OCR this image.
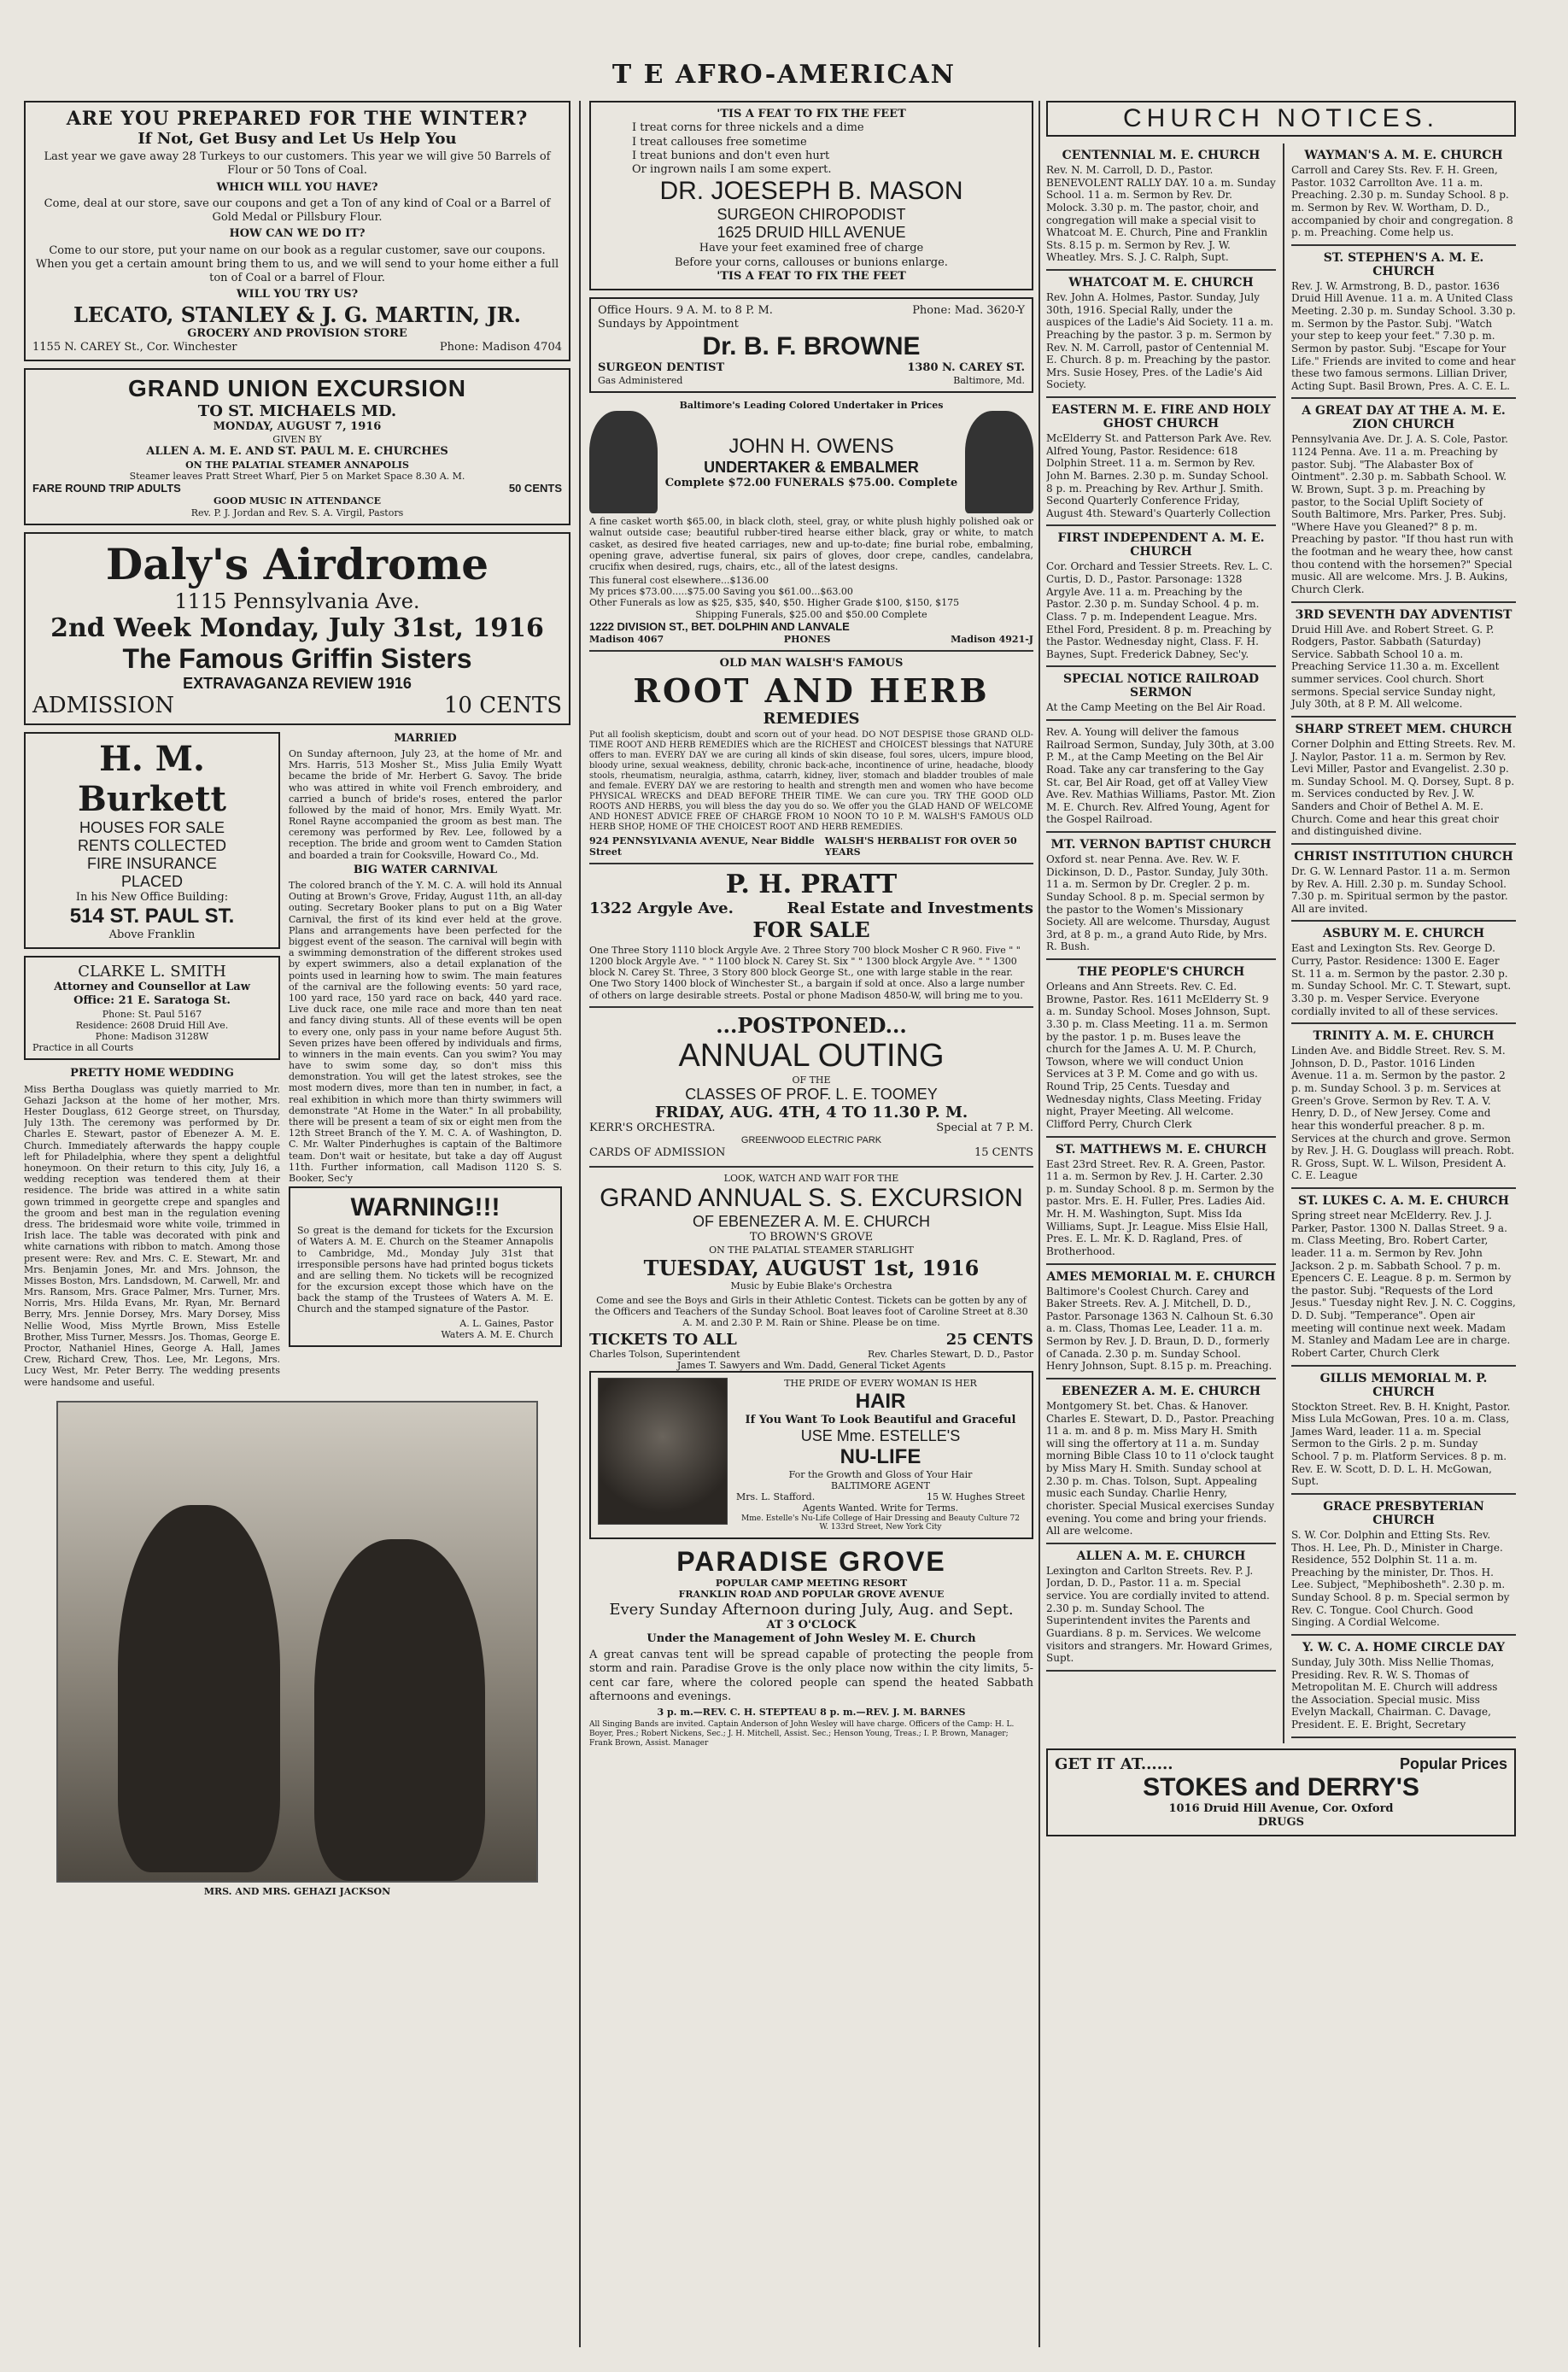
T E AFRO-AMERICAN
ARE YOU PREPARED FOR THE WINTER?
If Not, Get Busy and Let Us Help You

Last year we gave away 28 Turkeys to our customers. This year we will give 50 Barrels of Flour or 50 Tons of Coal.

WHICH WILL YOU HAVE?

Come, deal at our store, save our coupons and get a Ton of any kind of Coal or a Barrel of Gold Medal or Pillsbury Flour.

HOW CAN WE DO IT?

Come to our store, put your name on our book as a regular customer, save our coupons. When you get a certain amount bring them to us, and we will send to your home either a full ton of Coal or a barrel of Flour.

WILL YOU TRY US?
LECATO, STANLEY & J. G. MARTIN, JR.
GROCERY AND PROVISION STORE
1155 N. CAREY St., Cor. Winchester	Phone: Madison 4704
GRAND UNION EXCURSION
TO ST. MICHAELS MD.
MONDAY, AUGUST 7, 1916
GIVEN BY
ALLEN A. M. E. AND ST. PAUL M. E. CHURCHES
ON THE PALATIAL STEAMER ANNAPOLIS
Steamer leaves Pratt Street Wharf, Pier 5 on Market Space 8.30 A. M.
FARE ROUND TRIP ADULTS	50 CENTS
GOOD MUSIC IN ATTENDANCE
Rev. P. J. Jordan and Rev. S. A. Virgil, Pastors
Daly's Airdrome
1115 Pennsylvania Ave.
2nd Week Monday, July 31st, 1916
The Famous Griffin Sisters
EXTRAVAGANZA REVIEW 1916
ADMISSION	10 CENTS
H. M. Burkett
HOUSES FOR SALE
RENTS COLLECTED
FIRE INSURANCE
PLACED
In his New Office Building:
514 ST. PAUL ST.
Above Franklin
CLARKE L. SMITH
Attorney and Counsellor at Law
Office: 21 E. Saratoga St.
Phone: St. Paul 5167
Residence: 2608 Druid Hill Ave.
Phone: Madison 3128W
Practice in all Courts
PRETTY HOME WEDDING

Miss Bertha Douglass was quietly married to Mr. Gehazi Jackson at the home of her mother, Mrs. Hester Douglass, 612 George street, on Thursday, July 13th. The ceremony was performed by Dr. Charles E. Stewart, pastor of Ebenezer A. M. E. Church. Immediately afterwards the happy couple left for Philadelphia, where they spent a delightful honeymoon. On their return to this city, July 16, a wedding reception was tendered them at their residence. The bride was attired in a white satin gown trimmed in georgette crepe and spangles and the groom and best man in the regulation evening dress. The bridesmaid wore white voile, trimmed in Irish lace. The table was decorated with pink and white carnations with ribbon to match. Among those present were: Rev. and Mrs. C. E. Stewart, Mr. and Mrs. Benjamin Jones, Mr. and Mrs. Johnson, the Misses Boston, Mrs. Landsdown, M. Carwell, Mr. and Mrs. Ransom, Mrs. Grace Palmer, Mrs. Turner, Mrs. Norris, Mrs. Hilda Evans, Mr. Ryan, Mr. Bernard Berry, Mrs. Jennie Dorsey, Mrs. Mary Dorsey, Miss Nellie Wood, Miss Myrtle Brown, Miss Estelle Brother, Miss Turner, Messrs. Jos. Thomas, George E. Proctor, Nathaniel Hines, George A. Hall, James Crew, Richard Crew, Thos. Lee, Mr. Legons, Mrs. Lucy West, Mr. Peter Berry. The wedding presents were handsome and useful.

MARRIED

On Sunday afternoon, July 23, at the home of Mr. and Mrs. Harris, 513 Mosher St., Miss Julia Emily Wyatt became the bride of Mr. Herbert G. Savoy. The bride who was attired in white voil French embroidery, and carried a bunch of bride's roses, entered the parlor followed by the maid of honor, Mrs. Emily Wyatt. Mr. Ronel Rayne accompanied the groom as best man. The ceremony was performed by Rev. Lee, followed by a reception. The bride and groom went to Camden Station and boarded a train for Cooksville, Howard Co., Md.

BIG WATER CARNIVAL

The colored branch of the Y. M. C. A. will hold its Annual Outing at Brown's Grove, Friday, August 11th, an all-day outing. Secretary Booker plans to put on a Big Water Carnival, the first of its kind ever held at the grove. Plans and arrangements have been perfected for the biggest event of the season. The carnival will begin with a swimming demonstration of the different strokes used by expert swimmers, also a detail explanation of the points used in learning how to swim. The main features of the carnival are the following events: 50 yard race, 100 yard race, 150 yard race on back, 440 yard race. Live duck race, one mile race and more than ten neat and fancy diving stunts. All of these events will be open to every one, only pass in your name before August 5th. Seven prizes have been offered by individuals and firms, to winners in the main events. Can you swim? You may have to swim some day, so don't miss this demonstration. You will get the latest strokes, see the most modern dives, more than ten in number, in fact, a real exhibition in which more than thirty swimmers will demonstrate "At Home in the Water." In all probability, there will be present a team of six or eight men from the 12th Street Branch of the Y. M. C. A. of Washington, D. C. Mr. Walter Pinderhughes is captain of the Baltimore team. Don't wait or hesitate, but take a day off August 11th. Further information, call Madison 1120 S. S. Booker, Sec'y

WARNING!!!

So great is the demand for tickets for the Excursion of Waters A. M. E. Church on the Steamer Annapolis to Cambridge, Md., Monday July 31st that irresponsible persons have had printed bogus tickets and are selling them. No tickets will be recognized for the excursion except those which have on the back the stamp of the Trustees of Waters A. M. E. Church and the stamped signature of the Pastor.

A. L. Gaines, Pastor
Waters A. M. E. Church
MRS. AND MRS. GEHAZI JACKSON
'TIS A FEAT TO FIX THE FEET
I treat corns for three nickels and a dime
I treat callouses free sometime
I treat bunions and don't even hurt
Or ingrown nails I am some expert.
DR. JOESEPH B. MASON
SURGEON CHIROPODIST
1625 DRUID HILL AVENUE
Have your feet examined free of charge
Before your corns, callouses or bunions enlarge.
'TIS A FEAT TO FIX THE FEET
Office Hours. 9 A. M. to 8 P. M.	Phone: Mad. 3620-Y
Sundays by Appointment
Dr. B. F. BROWNE
SURGEON DENTIST	1380 N. CAREY ST.
Gas Administered	Baltimore, Md.
Baltimore's Leading Colored Undertaker in Prices
JOHN H. OWENS
UNDERTAKER & EMBALMER
Complete $72.00 FUNERALS $75.00. Complete

A fine casket worth $65.00, in black cloth, steel, gray, or white plush highly polished oak or walnut outside case; beautiful rubber-tired hearse either black, gray or white, to match casket, as desired five heated carriages, new and up-to-date; fine burial robe, embalming, opening grave, advertise funeral, six pairs of gloves, door crepe, candles, candelabra, crucifix when desired, rugs, chairs, etc., all of the latest designs.

This funeral cost elsewhere...$136.00
My prices $73.00.....$75.00 Saving you $61.00...$63.00
Other Funerals as low as $25, $35, $40, $50. Higher Grade $100, $150, $175
Shipping Funerals, $25.00 and $50.00 Complete
1222 DIVISION ST., BET. DOLPHIN AND LANVALE
Madison 4067	PHONES	Madison 4921-J
OLD MAN WALSH'S FAMOUS
ROOT AND HERB
REMEDIES

Put all foolish skepticism, doubt and scorn out of your head. DO NOT DESPISE those GRAND OLD-TIME ROOT AND HERB REMEDIES which are the RICHEST and CHOICEST blessings that NATURE offers to man. EVERY DAY we are curing all kinds of skin disease, foul sores, ulcers, impure blood, bloody urine, sexual weakness, debility, chronic back-ache, incontinence of urine, headache, bloody stools, rheumatism, neuralgia, asthma, catarrh, kidney, liver, stomach and bladder troubles of male and female. EVERY DAY we are restoring to health and strength men and women who have become PHYSICAL WRECKS and DEAD BEFORE THEIR TIME. We can cure you. TRY THE GOOD OLD ROOTS AND HERBS, you will bless the day you do so. We offer you the GLAD HAND OF WELCOME AND HONEST ADVICE FREE OF CHARGE FROM 10 NOON TO 10 P. M. WALSH'S FAMOUS OLD HERB SHOP, HOME OF THE CHOICEST ROOT AND HERB REMEDIES.

924 PENNSYLVANIA AVENUE, Near Biddle Street
WALSH'S HERBALIST FOR OVER 50 YEARS
P. H. PRATT
1322 Argyle Ave.	Real Estate and Investments
FOR SALE

One Three Story 1110 block Argyle Ave. 2 Three Story 700 block Mosher C R 960. Five " " 1200 block Argyle Ave. " " 1100 block N. Carey St. Six " " 1300 block Argyle Ave. " " 1300 block N. Carey St. Three, 3 Story 800 block George St., one with large stable in the rear. One Two Story 1400 block of Winchester St., a bargain if sold at once. Also a large number of others on large desirable streets. Postal or phone Madison 4850-W, will bring me to you.

...POSTPONED...
ANNUAL OUTING
OF THE
CLASSES OF PROF. L. E. TOOMEY
FRIDAY, AUG. 4TH, 4 TO 11.30 P. M.
KERR'S ORCHESTRA.	Special at 7 P. M.
GREENWOOD ELECTRIC PARK
CARDS OF ADMISSION	15 CENTS
LOOK, WATCH AND WAIT FOR THE
GRAND ANNUAL S. S. EXCURSION
OF EBENEZER A. M. E. CHURCH
TO BROWN'S GROVE
ON THE PALATIAL STEAMER STARLIGHT
TUESDAY, AUGUST 1st, 1916
Music by Eubie Blake's Orchestra

Come and see the Boys and Girls in their Athletic Contest. Tickets can be gotten by any of the Officers and Teachers of the Sunday School. Boat leaves foot of Caroline Street at 8.30 A. M. and 2.30 P. M. Rain or Shine. Please be on time.

TICKETS TO ALL	25 CENTS
Charles Tolson, Superintendent	Rev. Charles Stewart, D. D., Pastor
James T. Sawyers and Wm. Dadd, General Ticket Agents
THE PRIDE OF EVERY WOMAN IS HER
HAIR
If You Want To Look Beautiful and Graceful
USE Mme. ESTELLE'S
NU-LIFE
For the Growth and Gloss of Your Hair
BALTIMORE AGENT
Mrs. L. Stafford.	15 W. Hughes Street
Agents Wanted. Write for Terms.
Mme. Estelle's Nu-Life College of Hair Dressing and Beauty Culture 72 W. 133rd Street, New York City
PARADISE GROVE
POPULAR CAMP MEETING RESORT
FRANKLIN ROAD AND POPULAR GROVE AVENUE
Every Sunday Afternoon during July, Aug. and Sept.
AT 3 O'CLOCK
Under the Management of John Wesley M. E. Church

A great canvas tent will be spread capable of protecting the people from storm and rain. Paradise Grove is the only place now within the city limits, 5-cent car fare, where the colored people can spend the heated Sabbath afternoons and evenings.

3 p. m.—REV. C. H. STEPTEAU 8 p. m.—REV. J. M. BARNES

All Singing Bands are invited. Captain Anderson of John Wesley will have charge. Officers of the Camp: H. L. Boyer, Pres.; Robert Nickens, Sec.; J. H. Mitchell, Assist. Sec.; Henson Young, Treas.; I. P. Brown, Manager; Frank Brown, Assist. Manager

CHURCH NOTICES.
CENTENNIAL M. E. CHURCH
Rev. N. M. Carroll, D. D., Pastor. BENEVOLENT RALLY DAY. 10 a. m. Sunday School. 11 a. m. Sermon by Rev. Dr. Molock. 3.30 p. m. The pastor, choir, and congregation will make a special visit to Whatcoat M. E. Church, Pine and Franklin Sts. 8.15 p. m. Sermon by Rev. J. W. Wheatley. Mrs. S. J. C. Ralph, Supt.
WHATCOAT M. E. CHURCH
Rev. John A. Holmes, Pastor. Sunday, July 30th, 1916. Special Rally, under the auspices of the Ladie's Aid Society. 11 a. m. Preaching by the pastor. 3 p. m. Sermon by Rev. N. M. Carroll, pastor of Centennial M. E. Church. 8 p. m. Preaching by the pastor. Mrs. Susie Hosey, Pres. of the Ladie's Aid Society.
EASTERN M. E. FIRE AND HOLY GHOST CHURCH
McElderry St. and Patterson Park Ave. Rev. Alfred Young, Pastor. Residence: 618 Dolphin Street. 11 a. m. Sermon by Rev. John M. Barnes. 2.30 p. m. Sunday School. 8 p. m. Preaching by Rev. Arthur J. Smith. Second Quarterly Conference Friday, August 4th. Steward's Quarterly Collection
FIRST INDEPENDENT A. M. E. CHURCH
Cor. Orchard and Tessier Streets. Rev. L. C. Curtis, D. D., Pastor. Parsonage: 1328 Argyle Ave. 11 a. m. Preaching by the Pastor. 2.30 p. m. Sunday School. 4 p. m. Class. 7 p. m. Independent League. Mrs. Ethel Ford, President. 8 p. m. Preaching by the Pastor. Wednesday night, Class. F. H. Baynes, Supt. Frederick Dabney, Sec'y.
SPECIAL NOTICE RAILROAD SERMON
At the Camp Meeting on the Bel Air Road.
Rev. A. Young will deliver the famous Railroad Sermon, Sunday, July 30th, at 3.00 P. M., at the Camp Meeting on the Bel Air Road. Take any car transfering to the Gay St. car, Bel Air Road, get off at Valley View Ave. Rev. Mathias Williams, Pastor. Mt. Zion M. E. Church. Rev. Alfred Young, Agent for the Gospel Railroad.
MT. VERNON BAPTIST CHURCH
Oxford st. near Penna. Ave. Rev. W. F. Dickinson, D. D., Pastor. Sunday, July 30th. 11 a. m. Sermon by Dr. Cregler. 2 p. m. Sunday School. 8 p. m. Special sermon by the pastor to the Women's Missionary Society. All are welcome. Thursday, August 3rd, at 8 p. m., a grand Auto Ride, by Mrs. R. Bush.
THE PEOPLE'S CHURCH
Orleans and Ann Streets. Rev. C. Ed. Browne, Pastor. Res. 1611 McElderry St. 9 a. m. Sunday School. Moses Johnson, Supt. 3.30 p. m. Class Meeting. 11 a. m. Sermon by the pastor. 1 p. m. Buses leave the church for the James A. U. M. P. Church, Towson, where we will conduct Union Services at 3 P. M. Come and go with us. Round Trip, 25 Cents. Tuesday and Wednesday nights, Class Meeting. Friday night, Prayer Meeting. All welcome. Clifford Perry, Church Clerk
ST. MATTHEWS M. E. CHURCH
East 23rd Street. Rev. R. A. Green, Pastor. 11 a. m. Sermon by Rev. J. H. Carter. 2.30 p. m. Sunday School. 8 p. m. Sermon by the pastor. Mrs. E. H. Fuller, Pres. Ladies Aid. Mr. H. M. Washington, Supt. Miss Ida Williams, Supt. Jr. League. Miss Elsie Hall, Pres. E. L. Mr. K. D. Ragland, Pres. of Brotherhood.
AMES MEMORIAL M. E. CHURCH
Baltimore's Coolest Church. Carey and Baker Streets. Rev. A. J. Mitchell, D. D., Pastor. Parsonage 1363 N. Calhoun St. 6.30 a. m. Class, Thomas Lee, Leader. 11 a. m. Sermon by Rev. J. D. Braun, D. D., formerly of Canada. 2.30 p. m. Sunday School. Henry Johnson, Supt. 8.15 p. m. Preaching.
EBENEZER A. M. E. CHURCH
Montgomery St. bet. Chas. & Hanover. Charles E. Stewart, D. D., Pastor. Preaching 11 a. m. and 8 p. m. Miss Mary H. Smith will sing the offertory at 11 a. m. Sunday morning Bible Class 10 to 11 o'clock taught by Miss Mary H. Smith. Sunday school at 2.30 p. m. Chas. Tolson, Supt. Appealing music each Sunday. Charlie Henry, chorister. Special Musical exercises Sunday evening. You come and bring your friends. All are welcome.
ALLEN A. M. E. CHURCH
Lexington and Carlton Streets. Rev. P. J. Jordan, D. D., Pastor. 11 a. m. Special service. You are cordially invited to attend. 2.30 p. m. Sunday School. The Superintendent invites the Parents and Guardians. 8 p. m. Services. We welcome visitors and strangers. Mr. Howard Grimes, Supt.
WAYMAN'S A. M. E. CHURCH
Carroll and Carey Sts. Rev. F. H. Green, Pastor. 1032 Carrollton Ave. 11 a. m. Preaching. 2.30 p. m. Sunday School. 8 p. m. Sermon by Rev. W. Wortham, D. D., accompanied by choir and congregation. 8 p. m. Preaching. Come help us.
ST. STEPHEN'S A. M. E. CHURCH
Rev. J. W. Armstrong, B. D., pastor. 1636 Druid Hill Avenue. 11 a. m. A United Class Meeting. 2.30 p. m. Sunday School. 3.30 p. m. Sermon by the Pastor. Subj. "Watch your step to keep your feet." 7.30 p. m. Sermon by pastor. Subj. "Escape for Your Life." Friends are invited to come and hear these two famous sermons. Lillian Driver, Acting Supt. Basil Brown, Pres. A. C. E. L.
A GREAT DAY AT THE A. M. E. ZION CHURCH
Pennsylvania Ave. Dr. J. A. S. Cole, Pastor. 1124 Penna. Ave. 11 a. m. Preaching by pastor. Subj. "The Alabaster Box of Ointment". 2.30 p. m. Sabbath School. W. W. Brown, Supt. 3 p. m. Preaching by pastor, to the Social Uplift Society of South Baltimore, Mrs. Parker, Pres. Subj. "Where Have you Gleaned?" 8 p. m. Preaching by pastor. "If thou hast run with the footman and he weary thee, how canst thou contend with the horsemen?" Special music. All are welcome. Mrs. J. B. Aukins, Church Clerk.
3RD SEVENTH DAY ADVENTIST
Druid Hill Ave. and Robert Street. G. P. Rodgers, Pastor. Sabbath (Saturday) Service. Sabbath School 10 a. m. Preaching Service 11.30 a. m. Excellent summer services. Cool church. Short sermons. Special service Sunday night, July 30th, at 8 P. M. All welcome.
SHARP STREET MEM. CHURCH
Corner Dolphin and Etting Streets. Rev. M. J. Naylor, Pastor. 11 a. m. Sermon by Rev. Levi Miller, Pastor and Evangelist. 2.30 p. m. Sunday School. M. Q. Dorsey, Supt. 8 p. m. Services conducted by Rev. J. W. Sanders and Choir of Bethel A. M. E. Church. Come and hear this great choir and distinguished divine.
CHRIST INSTITUTION CHURCH
Dr. G. W. Lennard Pastor. 11 a. m. Sermon by Rev. A. Hill. 2.30 p. m. Sunday School. 7.30 p. m. Spiritual sermon by the pastor. All are invited.
ASBURY M. E. CHURCH
East and Lexington Sts. Rev. George D. Curry, Pastor. Residence: 1300 E. Eager St. 11 a. m. Sermon by the pastor. 2.30 p. m. Sunday School. Mr. C. T. Stewart, supt. 3.30 p. m. Vesper Service. Everyone cordially invited to all of these services.
TRINITY A. M. E. CHURCH
Linden Ave. and Biddle Street. Rev. S. M. Johnson, D. D., Pastor. 1016 Linden Avenue. 11 a. m. Sermon by the pastor. 2 p. m. Sunday School. 3 p. m. Services at Green's Grove. Sermon by Rev. T. A. V. Henry, D. D., of New Jersey. Come and hear this wonderful preacher. 8 p. m. Services at the church and grove. Sermon by Rev. J. H. G. Douglass will preach. Robt. R. Gross, Supt. W. L. Wilson, President A. C. E. League
ST. LUKES C. A. M. E. CHURCH
Spring street near McElderry. Rev. J. J. Parker, Pastor. 1300 N. Dallas Street. 9 a. m. Class Meeting, Bro. Robert Carter, leader. 11 a. m. Sermon by Rev. John Jackson. 2 p. m. Sabbath School. 7 p. m. Epencers C. E. League. 8 p. m. Sermon by the pastor. Subj. "Requests of the Lord Jesus." Tuesday night Rev. J. N. C. Coggins, D. D. Subj. "Temperance". Open air meeting will continue next week. Madam M. Stanley and Madam Lee are in charge. Robert Carter, Church Clerk
GILLIS MEMORIAL M. P. CHURCH
Stockton Street. Rev. B. H. Knight, Pastor. Miss Lula McGowan, Pres. 10 a. m. Class, James Ward, leader. 11 a. m. Special Sermon to the Girls. 2 p. m. Sunday School. 7 p. m. Platform Services. 8 p. m. Rev. E. W. Scott, D. D. L. H. McGowan, Supt.
GRACE PRESBYTERIAN CHURCH
S. W. Cor. Dolphin and Etting Sts. Rev. Thos. H. Lee, Ph. D., Minister in Charge. Residence, 552 Dolphin St. 11 a. m. Preaching by the minister, Dr. Thos. H. Lee. Subject, "Mephibosheth". 2.30 p. m. Sunday School. 8 p. m. Special sermon by Rev. C. Tongue. Cool Church. Good Singing. A Cordial Welcome.
Y. W. C. A. HOME CIRCLE DAY
Sunday, July 30th. Miss Nellie Thomas, Presiding. Rev. R. W. S. Thomas of Metropolitan M. E. Church will address the Association. Special music. Miss Evelyn Mackall, Chairman. C. Davage, President. E. E. Bright, Secretary
GET IT AT......	Popular Prices
STOKES and DERRY'S
1016 Druid Hill Avenue, Cor. Oxford
DRUGS
